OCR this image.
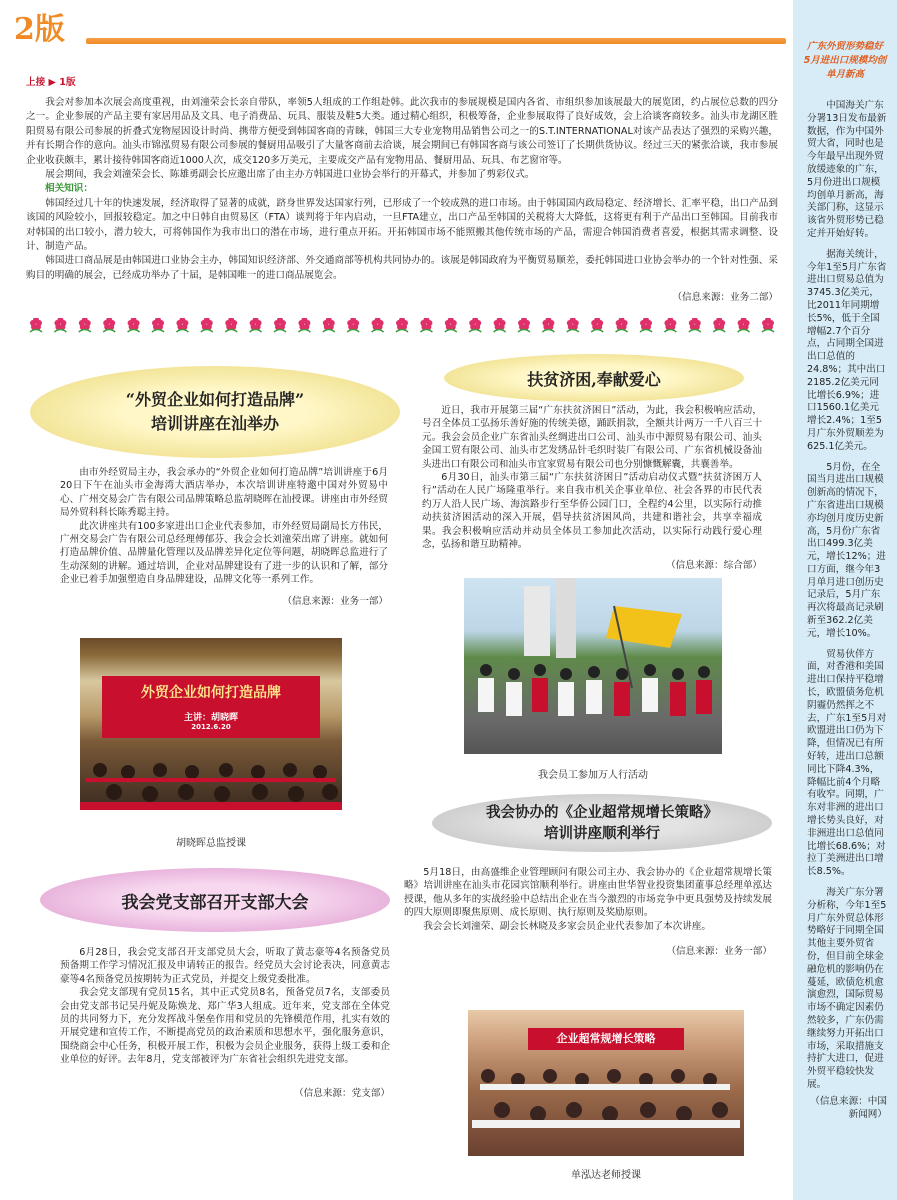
2版	广东外贸形势稳好
5月进出口规模均创
单月新高

中国海关广东分署13日发布最新数据，作为中国外贸大省，同时也是今年最早出现外贸放缓迹象的广东，5月份进出口规模均创单月新高，海关部门称，这显示该省外贸形势已稳定并开始好转。

据海关统计，今年1至5月广东省进出口贸易总值为3745.3亿美元，比2011年同期增长5%，低于全国增幅2.7个百分点，占同期全国进出口总值的24.8%；其中出口2185.2亿美元同比增长6.9%；进口1560.1亿美元增长2.4%；1至5月广东外贸顺差为625.1亿美元。

5月份，在全国当月进出口规模创新高的情况下，广东省进出口规模亦均创月度历史新高，5月份广东省出口499.3亿美元，增长12%；进口方面，继今年3月单月进口创历史记录后，5月广东再次将最高记录刷新至362.2亿美元，增长10%。

贸易伙伴方面，对香港和美国进出口保持平稳增长，欧盟债务危机阴霾仍然挥之不去，广东1至5月对欧盟进出口仍为下降，但情况已有所好转，进出口总额同比下降4.3%，降幅比前4个月略有收窄。同期，广东对非洲的进出口增长势头良好，对非洲进出口总值同比增长68.6%；对拉丁美洲进出口增长8.5%。

海关广东分署分析称，今年1至5月广东外贸总体形势略好于同期全国其他主要外贸省份，但目前全球金融危机的影响仍在蔓延，欧债危机愈演愈烈，国际贸易市场不确定因素仍然较多，广东仍需继续努力开拓出口市场，采取措施支持扩大进口，促进外贸平稳较快发展。

（信息来源：中国新闻网）

上接 ▶ 1版

我会对参加本次展会高度重视，由刘潼荣会长亲自带队，率领5人组成的工作组赴韩。此次我市的参展规模是国内各省、市组织参加该展最大的展览团，约占展位总数的四分之一。企业参展的产品主要有家居用品及文具、电子消费品、玩具、服装及鞋5大类。通过精心组织，积极筹备，企业参展取得了良好成效，会上洽谈客商较多。汕头市龙湖区胜阳贸易有限公司参展的折叠式宠物屋因设计时尚、携带方便受到韩国客商的青睐，韩国三大专业宠物用品销售公司之一的S.T.INTERNATIONAL对该产品表达了强烈的采购兴趣，并有长期合作的意向。汕头市锦泓贸易有限公司参展的餐厨用品吸引了大量客商前去洽谈，展会期间已有韩国客商与该公司签订了长期供货协议。经过三天的紧张洽谈，我市参展企业收获颇丰，累计接待韩国客商近1000人次，成交120多万美元，主要成交产品有宠物用品、餐厨用品、玩具、布艺窗帘等。

展会期间，我会刘潼荣会长、陈雄勇副会长应邀出席了由主办方韩国进口业协会举行的开幕式，并参加了剪彩仪式。

相关知识：

韩国经过几十年的快速发展，经济取得了显著的成就，跻身世界发达国家行列，已形成了一个较成熟的进口市场。由于韩国国内政局稳定、经济增长、汇率平稳，出口产品到该国的风险较小，回报较稳定。加之中日韩自由贸易区（FTA）谈判将于年内启动，一旦FTA建立，出口产品至韩国的关税将大大降低，这将更有利于产品出口至韩国。目前我市对韩国的出口较小，潜力较大，可将韩国作为我市出口的潜在市场，进行重点开拓。开拓韩国市场不能照搬其他传统市场的产品，需迎合韩国消费者喜爱，根据其需求调整、设计、制造产品。

韩国进口商品展是由韩国进口业协会主办，韩国知识经济部、外交通商部等机构共同协办的。该展是韩国政府为平衡贸易顺差，委托韩国进口业协会举办的一个针对性强、采购目的明确的展会，已经成功举办了十届，是韩国唯一的进口商品展览会。

（信息来源：业务二部）

“外贸企业如何打造品牌”
培训讲座在汕举办

由市外经贸局主办，我会承办的“外贸企业如何打造品牌”培训讲座于6月20日下午在汕头市金海湾大酒店举办，本次培训讲座特邀中国对外贸易中心、广州交易会广告有限公司品牌策略总监胡晓晖在汕授课。讲座由市外经贸局外贸科科长陈秀聪主持。

此次讲座共有100多家进出口企业代表参加，市外经贸局副局长方伟民，广州交易会广告有限公司总经理傅郁芬、我会会长刘潼荣出席了讲座。就如何打造品牌价值、品牌量化管理以及品牌差异化定位等问题，胡晓晖总监进行了生动深刻的讲解。通过培训，企业对品牌建设有了进一步的认识和了解，部分企业已着手加强塑造自身品牌建设，品牌文化等一系列工作。

（信息来源：业务一部）

外贸企业如何打造品牌
主讲：胡晓晖
2012.6.20
胡晓晖总监授课
我会党支部召开支部大会

6月28日，我会党支部召开支部党员大会，听取了黄志豪等4名预备党员预备期工作学习情况汇报及申请转正的报告。经党员大会讨论表决，同意黄志豪等4名预备党员按期转为正式党员，并提交上级党委批准。

我会党支部现有党员15名，其中正式党员8名，预备党员7名，支部委员会由党支部书记吴丹妮及陈焕龙、郑广华3人组成。近年来，党支部在全体党员的共同努力下，充分发挥战斗堡垒作用和党员的先锋模范作用，扎实有效的开展党建和宣传工作，不断提高党员的政治素质和思想水平，强化服务意识，围绕商会中心任务，积极开展工作，积极为会员企业服务，获得上级工委和企业单位的好评。去年8月，党支部被评为广东省社会组织先进党支部。

（信息来源：党支部）

扶贫济困,奉献爱心

近日，我市开展第三届“广东扶贫济困日”活动，为此，我会积极响应活动，号召全体员工弘扬乐善好施的传统美德，踊跃捐款，全额共计两万一千八百三十元。我会会员企业广东省汕头丝绸进出口公司、汕头市中源贸易有限公司、汕头金国工贸有限公司、汕头市艺发绣品针毛织时装厂有限公司、广东省机械设备汕头进出口有限公司和汕头市宜家贸易有限公司也分别慷慨解囊，共襄善举。

6月30日，汕头市第三届“广东扶贫济困日”活动启动仪式暨“扶贫济困万人行”活动在人民广场隆重举行。来自我市机关企事业单位、社会各界的市民代表约万人沿人民广场、海滨路步行至华侨公园门口，全程约4公里，以实际行动推动扶贫济困活动的深入开展，倡导扶贫济困风尚，共建和谐社会，共享幸福成果。我会积极响应活动并动员全体员工参加此次活动，以实际行动践行爱心理念，弘扬和谐互助精神。

（信息来源：综合部）

我会员工参加万人行活动
我会协办的《企业超常规增长策略》
培训讲座顺利举行

5月18日，由高盛维企业管理顾问有限公司主办、我会协办的《企业超常规增长策略》培训讲座在汕头市花园宾馆顺利举行。讲座由世华智业投资集团董事总经理单泓达授课，他从多年的实战经验中总结出企业在当今激烈的市场竞争中更具强势及持续发展的四大原则即聚焦原则、成长原则、执行原则及奖励原则。

我会会长刘潼荣、副会长林晓及多家会员企业代表参加了本次讲座。

（信息来源：业务一部）

企业超常规增长策略
单泓达老师授课
